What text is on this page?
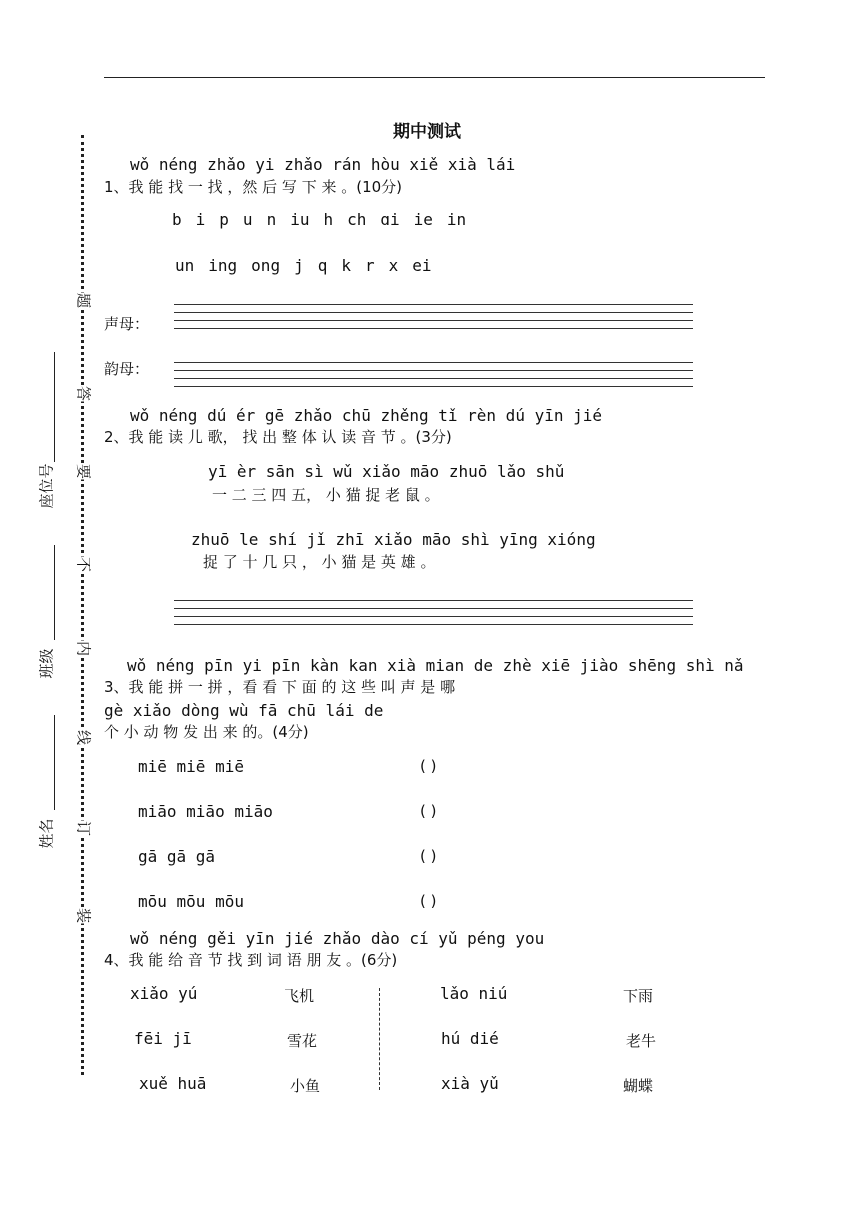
题
答
要
不
内
线
订
装
座位号
班级
姓名
期中测试
wǒ néng zhǎo yi zhǎo rán hòu xiě xià lái
1、我 能 找 一 找 ，然 后 写 下 来 。(10分)
b i p u n iu h ch ɑi ie in
un ing ong j q k r x ei
声母：
韵母：
wǒ néng dú ér gē zhǎo chū zhěng tǐ rèn dú yīn jié
2、我 能 读 儿 歌， 找 出 整 体 认 读 音 节 。(3分)
yī èr sān sì wǔ xiǎo māo zhuō lǎo shǔ
一 二 三 四 五， 小 猫 捉 老 鼠 。
zhuō le shí jǐ zhī xiǎo māo shì yīng xióng
捉 了 十 几 只 ， 小 猫 是 英 雄 。
wǒ néng pīn yi pīn kàn kan xià mian de zhè xiē jiào shēng shì nǎ
3、我 能 拼 一 拼 ，看 看 下 面 的 这 些 叫 声 是 哪
gè xiǎo dòng wù fā chū lái de
个 小 动 物 发 出 来 的。(4分)
miē miē miē	( )
miāo miāo miāo	( )
gā gā gā	( )
mōu mōu mōu	( )
wǒ néng gěi yīn jié zhǎo dào cí yǔ péng you
4、我 能 给 音 节 找 到 词 语 朋 友 。(6分)
xiǎo yú	飞机
fēi jī	雪花
xuě huā	小鱼
lǎo niú	下雨
hú dié	老牛
xià yǔ	蝴蝶
